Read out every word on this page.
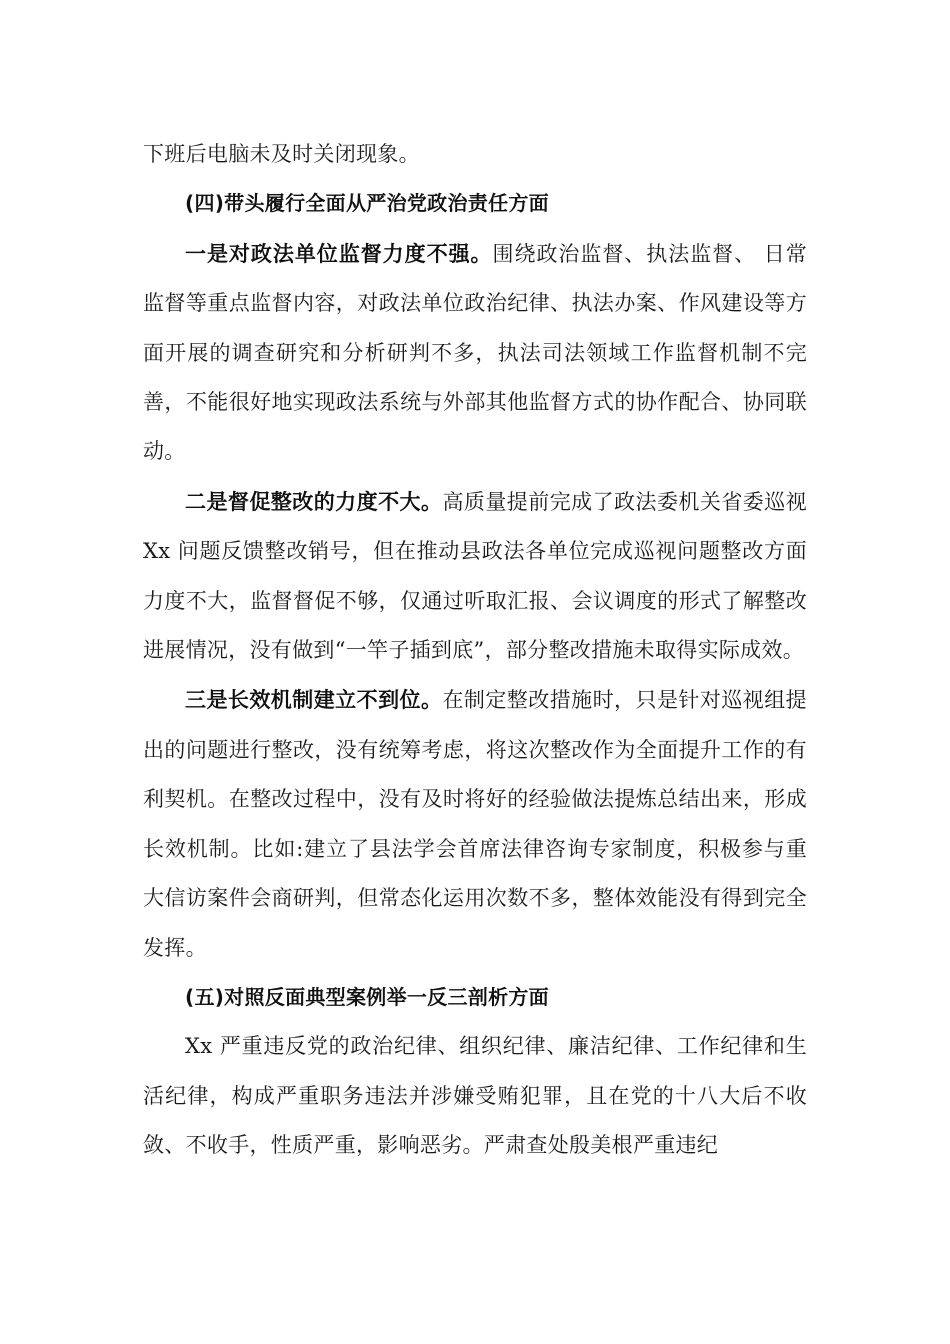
下班后电脑未及时关闭现象。

(四)带头履行全面从严治党政治责任方面

一是对政法单位监督力度不强。围绕政治监督、执法监督、 日常监督等重点监督内容，对政法单位政治纪律、执法办案、作风建设等方面开展的调查研究和分析研判不多，执法司法领域工作监督机制不完善，不能很好地实现政法系统与外部其他监督方式的协作配合、协同联动。

二是督促整改的力度不大。高质量提前完成了政法委机关省委巡视 Xx 问题反馈整改销号，但在推动县政法各单位完成巡视问题整改方面力度不大，监督督促不够，仅通过听取汇报、会议调度的形式了解整改进展情况，没有做到“一竿子插到底”，部分整改措施未取得实际成效。

三是长效机制建立不到位。在制定整改措施时，只是针对巡视组提出的问题进行整改，没有统筹考虑，将这次整改作为全面提升工作的有利契机。在整改过程中，没有及时将好的经验做法提炼总结出来，形成长效机制。比如:建立了县法学会首席法律咨询专家制度，积极参与重大信访案件会商研判，但常态化运用次数不多，整体效能没有得到完全发挥。

(五)对照反面典型案例举一反三剖析方面

Xx 严重违反党的政治纪律、组织纪律、廉洁纪律、工作纪律和生活纪律，构成严重职务违法并涉嫌受贿犯罪，且在党的十八大后不收敛、不收手，性质严重，影响恶劣。严肃查处殷美根严重违纪
